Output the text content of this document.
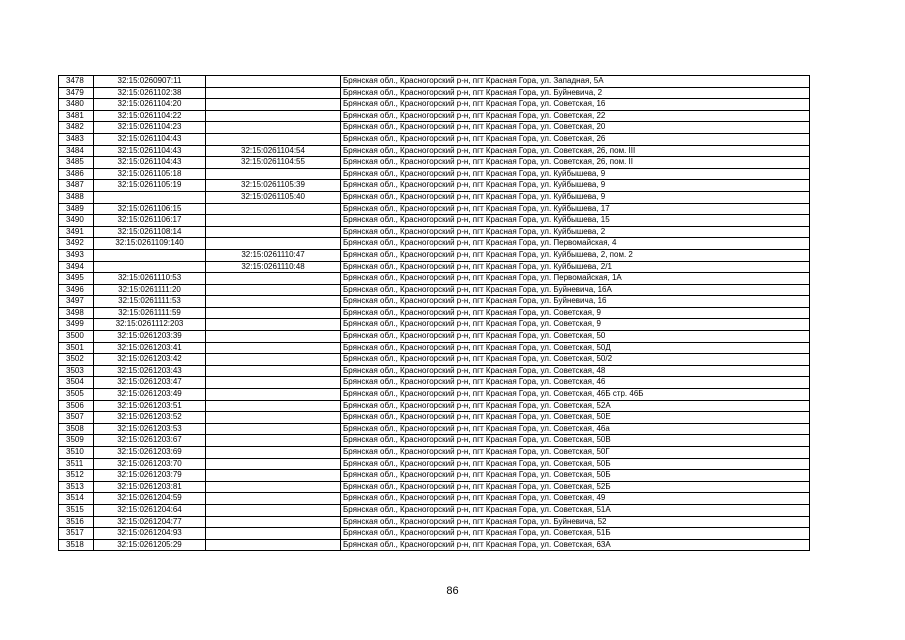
3478	32:15:0260907:11		Брянская обл., Красногорский р-н, пгт Красная Гора, ул. Западная, 5А
3479	32:15:0261102:38		Брянская обл., Красногорский р-н, пгт Красная Гора, ул. Буйневича, 2
3480	32:15:0261104:20		Брянская обл., Красногорский р-н, пгт Красная Гора, ул. Советская, 16
3481	32:15:0261104:22		Брянская обл., Красногорский р-н, пгт Красная Гора, ул. Советская, 22
3482	32:15:0261104:23		Брянская обл., Красногорский р-н, пгт Красная Гора, ул. Советская, 20
3483	32:15:0261104:43		Брянская обл., Красногорский р-н, пгт Красная Гора, ул. Советская, 26
3484	32:15:0261104:43	32:15:0261104:54	Брянская обл., Красногорский р-н, пгт Красная Гора, ул. Советская, 26, пом. III
3485	32:15:0261104:43	32:15:0261104:55	Брянская обл., Красногорский р-н, пгт Красная Гора, ул. Советская, 26, пом. II
3486	32:15:0261105:18		Брянская обл., Красногорский р-н, пгт Красная Гора, ул. Куйбышева, 9
3487	32:15:0261105:19	32:15:0261105:39	Брянская обл., Красногорский р-н, пгт Красная Гора, ул. Куйбышева, 9
3488		32:15:0261105:40	Брянская обл., Красногорский р-н, пгт Красная Гора, ул. Куйбышева, 9
3489	32:15:0261106:15		Брянская обл., Красногорский р-н, пгт Красная Гора, ул. Куйбышева, 17
3490	32:15:0261106:17		Брянская обл., Красногорский р-н, пгт Красная Гора, ул. Куйбышева, 15
3491	32:15:0261108:14		Брянская обл., Красногорский р-н, пгт Красная Гора, ул. Куйбышева, 2
3492	32:15:0261109:140		Брянская обл., Красногорский р-н, пгт Красная Гора, ул. Первомайская, 4
3493		32:15:0261110:47	Брянская обл., Красногорский р-н, пгт Красная Гора, ул. Куйбышева, 2, пом. 2
3494		32:15:0261110:48	Брянская обл., Красногорский р-н, пгт Красная Гора, ул. Куйбышева, 2/1
3495	32:15:0261110:53		Брянская обл., Красногорский р-н, пгт Красная Гора, ул. Первомайская, 1А
3496	32:15:0261111:20		Брянская обл., Красногорский р-н, пгт Красная Гора, ул. Буйневича, 16А
3497	32:15:0261111:53		Брянская обл., Красногорский р-н, пгт Красная Гора, ул. Буйневича, 16
3498	32:15:0261111:59		Брянская обл., Красногорский р-н, пгт Красная Гора, ул. Советская, 9
3499	32:15:0261112:203		Брянская обл., Красногорский р-н, пгт Красная Гора, ул. Советская, 9
3500	32:15:0261203:39		Брянская обл., Красногорский р-н, пгт Красная Гора, ул. Советская, 50
3501	32:15:0261203:41		Брянская обл., Красногорский р-н, пгт Красная Гора, ул. Советская, 50Д
3502	32:15:0261203:42		Брянская обл., Красногорский р-н, пгт Красная Гора, ул. Советская, 50/2
3503	32:15:0261203:43		Брянская обл., Красногорский р-н, пгт Красная Гора, ул. Советская, 48
3504	32:15:0261203:47		Брянская обл., Красногорский р-н, пгт Красная Гора, ул. Советская, 46
3505	32:15:0261203:49		Брянская обл., Красногорский р-н, пгт Красная Гора, ул. Советская, 46Б стр. 46Б
3506	32:15:0261203:51		Брянская обл., Красногорский р-н, пгт Красная Гора, ул. Советская, 52А
3507	32:15:0261203:52		Брянская обл., Красногорский р-н, пгт Красная Гора, ул. Советская, 50Е
3508	32:15:0261203:53		Брянская обл., Красногорский р-н, пгт Красная Гора, ул. Советская, 46а
3509	32:15:0261203:67		Брянская обл., Красногорский р-н, пгт Красная Гора, ул. Советская, 50В
3510	32:15:0261203:69		Брянская обл., Красногорский р-н, пгт Красная Гора, ул. Советская, 50Г
3511	32:15:0261203:70		Брянская обл., Красногорский р-н, пгт Красная Гора, ул. Советская, 50Б
3512	32:15:0261203:79		Брянская обл., Красногорский р-н, пгт Красная Гора, ул. Советская, 50Б
3513	32:15:0261203:81		Брянская обл., Красногорский р-н, пгт Красная Гора, ул. Советская, 52Б
3514	32:15:0261204:59		Брянская обл., Красногорский р-н, пгт Красная Гора, ул. Советская, 49
3515	32:15:0261204:64		Брянская обл., Красногорский р-н, пгт Красная Гора, ул. Советская, 51А
3516	32:15:0261204:77		Брянская обл., Красногорский р-н, пгт Красная Гора, ул. Буйневича, 52
3517	32:15:0261204:93		Брянская обл., Красногорский р-н, пгт Красная Гора, ул. Советская, 51Б
3518	32:15:0261205:29		Брянская обл., Красногорский р-н, пгт Красная Гора, ул. Советская, 63А
86
